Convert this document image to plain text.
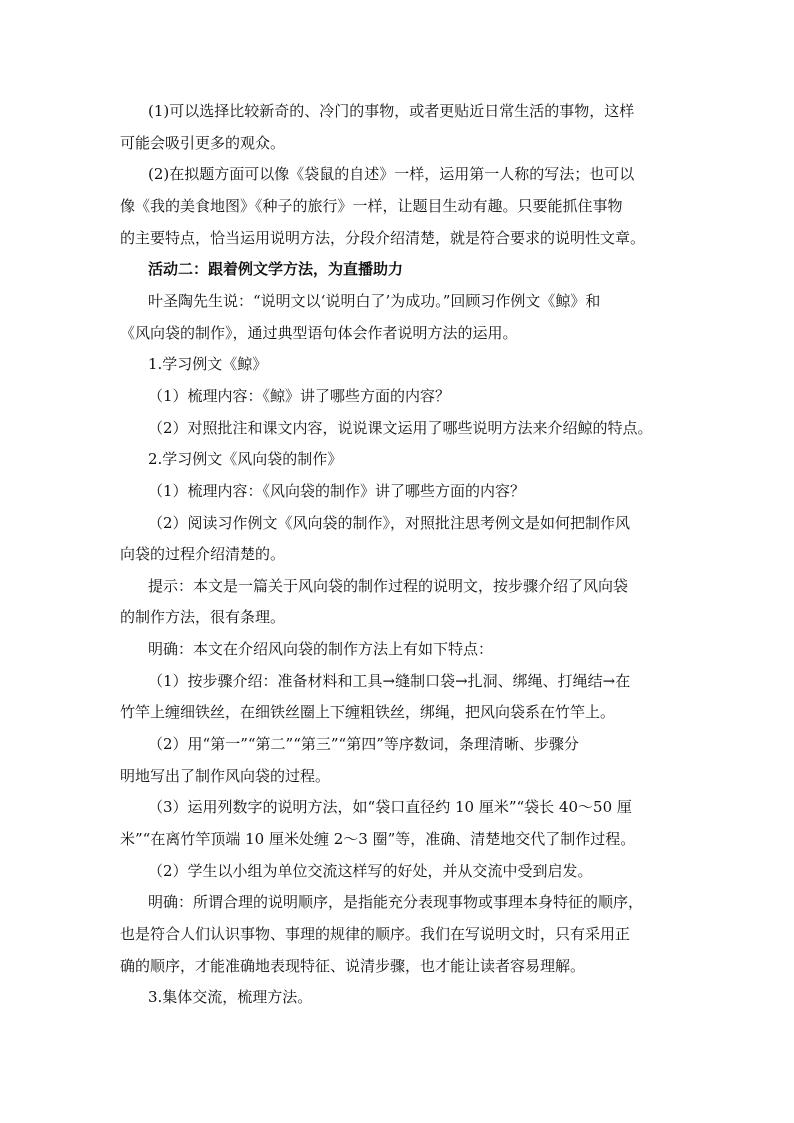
(1)可以选择比较新奇的、冷门的事物，或者更贴近日常生活的事物，这样
可能会吸引更多的观众。
(2)在拟题方面可以像《袋鼠的自述》一样，运用第一人称的写法；也可以
像《我的美食地图》《种子的旅行》一样，让题目生动有趣。只要能抓住事物
的主要特点，恰当运用说明方法，分段介绍清楚，就是符合要求的说明性文章。
活动二：跟着例文学方法，为直播助力
叶圣陶先生说：“说明文以‘说明白了’为成功。”回顾习作例文《鲸》和
《风向袋的制作》，通过典型语句体会作者说明方法的运用。
1.学习例文《鲸》
（1）梳理内容：《鲸》讲了哪些方面的内容？
（2）对照批注和课文内容，说说课文运用了哪些说明方法来介绍鲸的特点。
2.学习例文《风向袋的制作》
（1）梳理内容：《风向袋的制作》讲了哪些方面的内容？
（2）阅读习作例文《风向袋的制作》，对照批注思考例文是如何把制作风
向袋的过程介绍清楚的。
提示：本文是一篇关于风向袋的制作过程的说明文，按步骤介绍了风向袋
的制作方法，很有条理。
明确：本文在介绍风向袋的制作方法上有如下特点：
（1）按步骤介绍：准备材料和工具→缝制口袋→扎洞、绑绳、打绳结→在
竹竿上缠细铁丝，在细铁丝圈上下缠粗铁丝，绑绳，把风向袋系在竹竿上。
（2）用“第一”“第二”“第三”“第四”等序数词，条理清晰、步骤分
明地写出了制作风向袋的过程。
（3）运用列数字的说明方法，如“袋口直径约 10 厘米”“袋长 40～50 厘
米”“在离竹竿顶端 10 厘米处缠 2～3 圈”等，准确、清楚地交代了制作过程。
（2）学生以小组为单位交流这样写的好处，并从交流中受到启发。
明确：所谓合理的说明顺序，是指能充分表现事物或事理本身特征的顺序，
也是符合人们认识事物、事理的规律的顺序。我们在写说明文时，只有采用正
确的顺序，才能准确地表现特征、说清步骤，也才能让读者容易理解。
3.集体交流，梳理方法。
